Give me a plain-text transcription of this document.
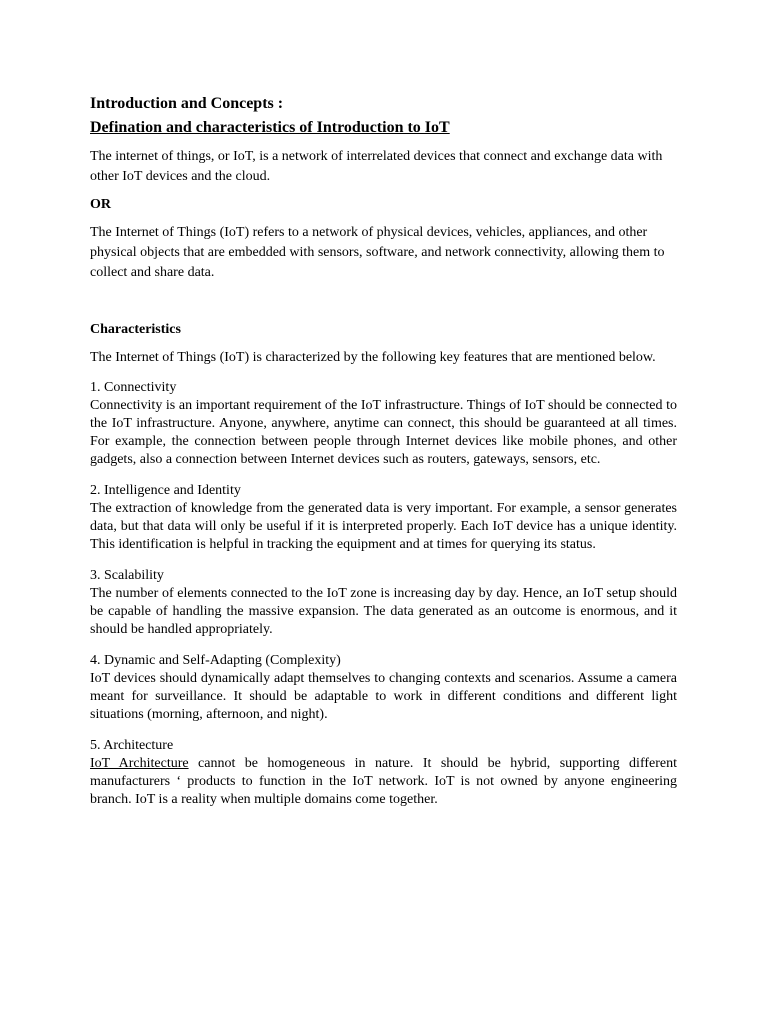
Introduction and Concepts :
Defination and characteristics of Introduction to IoT

The internet of things, or IoT, is a network of interrelated devices that connect and exchange data with other IoT devices and the cloud.

OR

The Internet of Things (IoT) refers to a network of physical devices, vehicles, appliances, and other physical objects that are embedded with sensors, software, and network connectivity, allowing them to collect and share data.

Characteristics

The Internet of Things (IoT) is characterized by the following key features that are mentioned below.

1. Connectivity
Connectivity is an important requirement of the IoT infrastructure. Things of IoT should be connected to the IoT infrastructure. Anyone, anywhere, anytime can connect, this should be guaranteed at all times. For example, the connection between people through Internet devices like mobile phones, and other gadgets, also a connection between Internet devices such as routers, gateways, sensors, etc.
2. Intelligence and Identity
The extraction of knowledge from the generated data is very important. For example, a sensor generates data, but that data will only be useful if it is interpreted properly. Each IoT device has a unique identity. This identification is helpful in tracking the equipment and at times for querying its status.
3. Scalability
The number of elements connected to the IoT zone is increasing day by day. Hence, an IoT setup should be capable of handling the massive expansion. The data generated as an outcome is enormous, and it should be handled appropriately.
4. Dynamic and Self-Adapting (Complexity)
IoT devices should dynamically adapt themselves to changing contexts and scenarios. Assume a camera meant for surveillance. It should be adaptable to work in different conditions and different light situations (morning, afternoon, and night).
5. Architecture
IoT Architecture cannot be homogeneous in nature. It should be hybrid, supporting different manufacturers ‘ products to function in the IoT network. IoT is not owned by anyone engineering branch. IoT is a reality when multiple domains come together.
